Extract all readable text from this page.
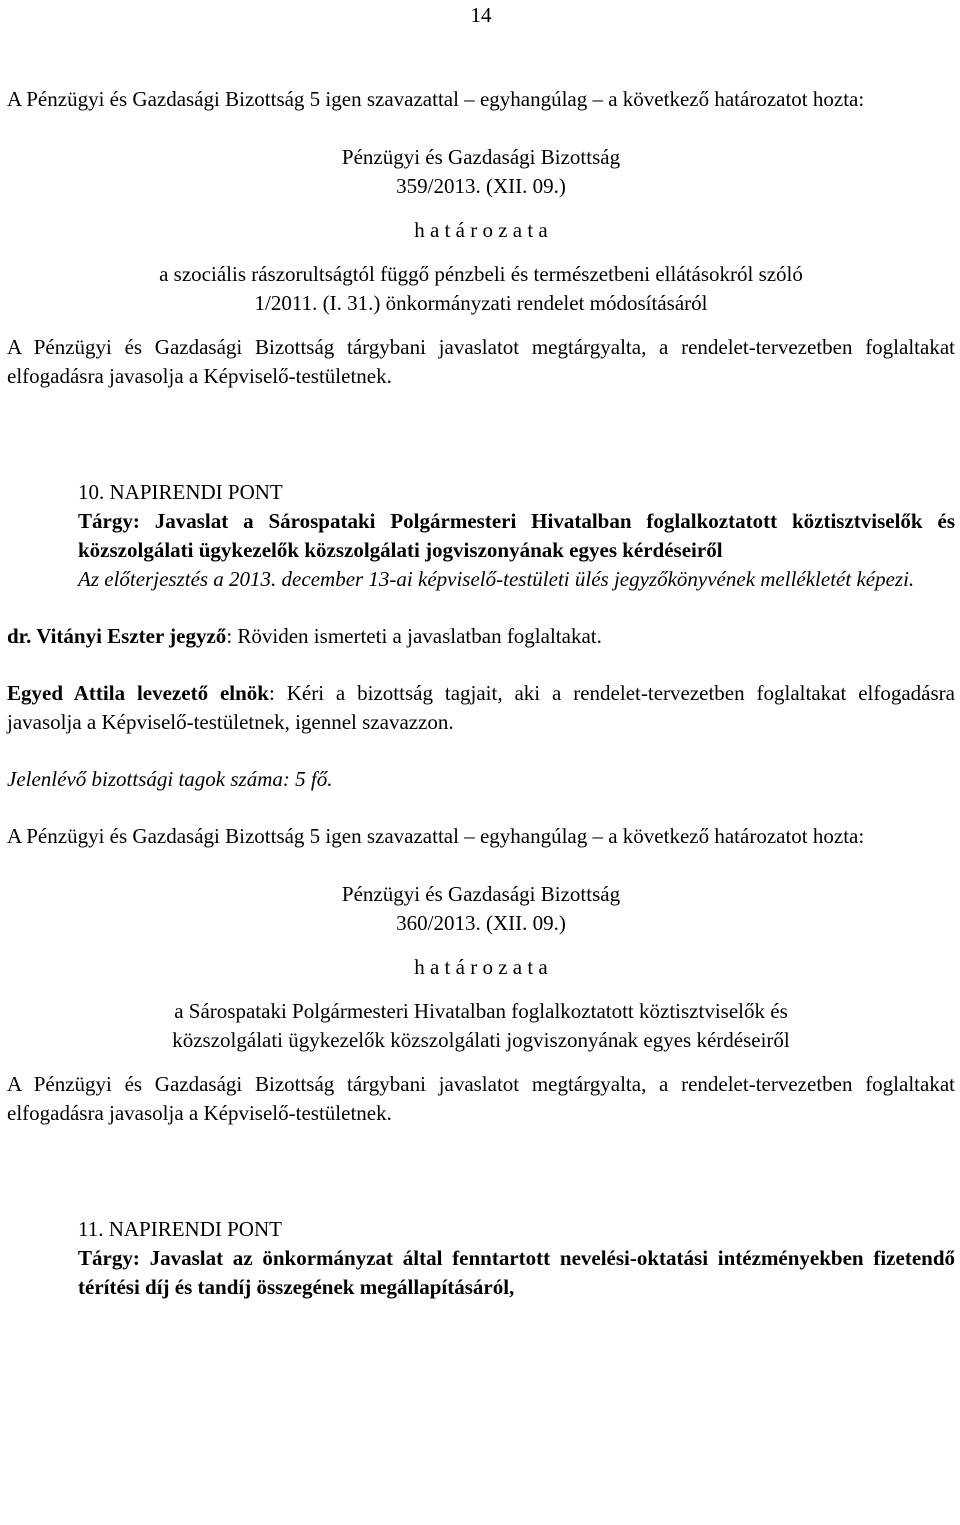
14

A Pénzügyi és Gazdasági Bizottság 5 igen szavazattal – egyhangúlag – a következő határozatot hozta:

Pénzügyi és Gazdasági Bizottság

359/2013. (XII. 09.)

h a t á r o z a t a

a szociális rászorultságtól függő pénzbeli és természetbeni ellátásokról szóló

1/2011. (I. 31.) önkormányzati rendelet módosításáról

A Pénzügyi és Gazdasági Bizottság tárgybani javaslatot megtárgyalta, a rendelet-tervezetben foglaltakat elfogadásra javasolja a Képviselő-testületnek.

10. NAPIRENDI PONT

Tárgy: Javaslat a Sárospataki Polgármesteri Hivatalban foglalkoztatott köztisztviselők és közszolgálati ügykezelők közszolgálati jogviszonyának egyes kérdéseiről

Az előterjesztés a 2013. december 13-ai képviselő-testületi ülés jegyzőkönyvének mellékletét képezi.

dr. Vitányi Eszter jegyző: Röviden ismerteti a javaslatban foglaltakat.

Egyed Attila levezető elnök: Kéri a bizottság tagjait, aki a rendelet-tervezetben foglaltakat elfogadásra javasolja a Képviselő-testületnek, igennel szavazzon.

Jelenlévő bizottsági tagok száma: 5 fő.

A Pénzügyi és Gazdasági Bizottság 5 igen szavazattal – egyhangúlag – a következő határozatot hozta:

Pénzügyi és Gazdasági Bizottság

360/2013. (XII. 09.)

h a t á r o z a t a

a Sárospataki Polgármesteri Hivatalban foglalkoztatott köztisztviselők és

közszolgálati ügykezelők közszolgálati jogviszonyának egyes kérdéseiről

A Pénzügyi és Gazdasági Bizottság tárgybani javaslatot megtárgyalta, a rendelet-tervezetben foglaltakat elfogadásra javasolja a Képviselő-testületnek.

11. NAPIRENDI PONT

Tárgy: Javaslat az önkormányzat által fenntartott nevelési-oktatási intézményekben fizetendő térítési díj és tandíj összegének megállapításáról,
